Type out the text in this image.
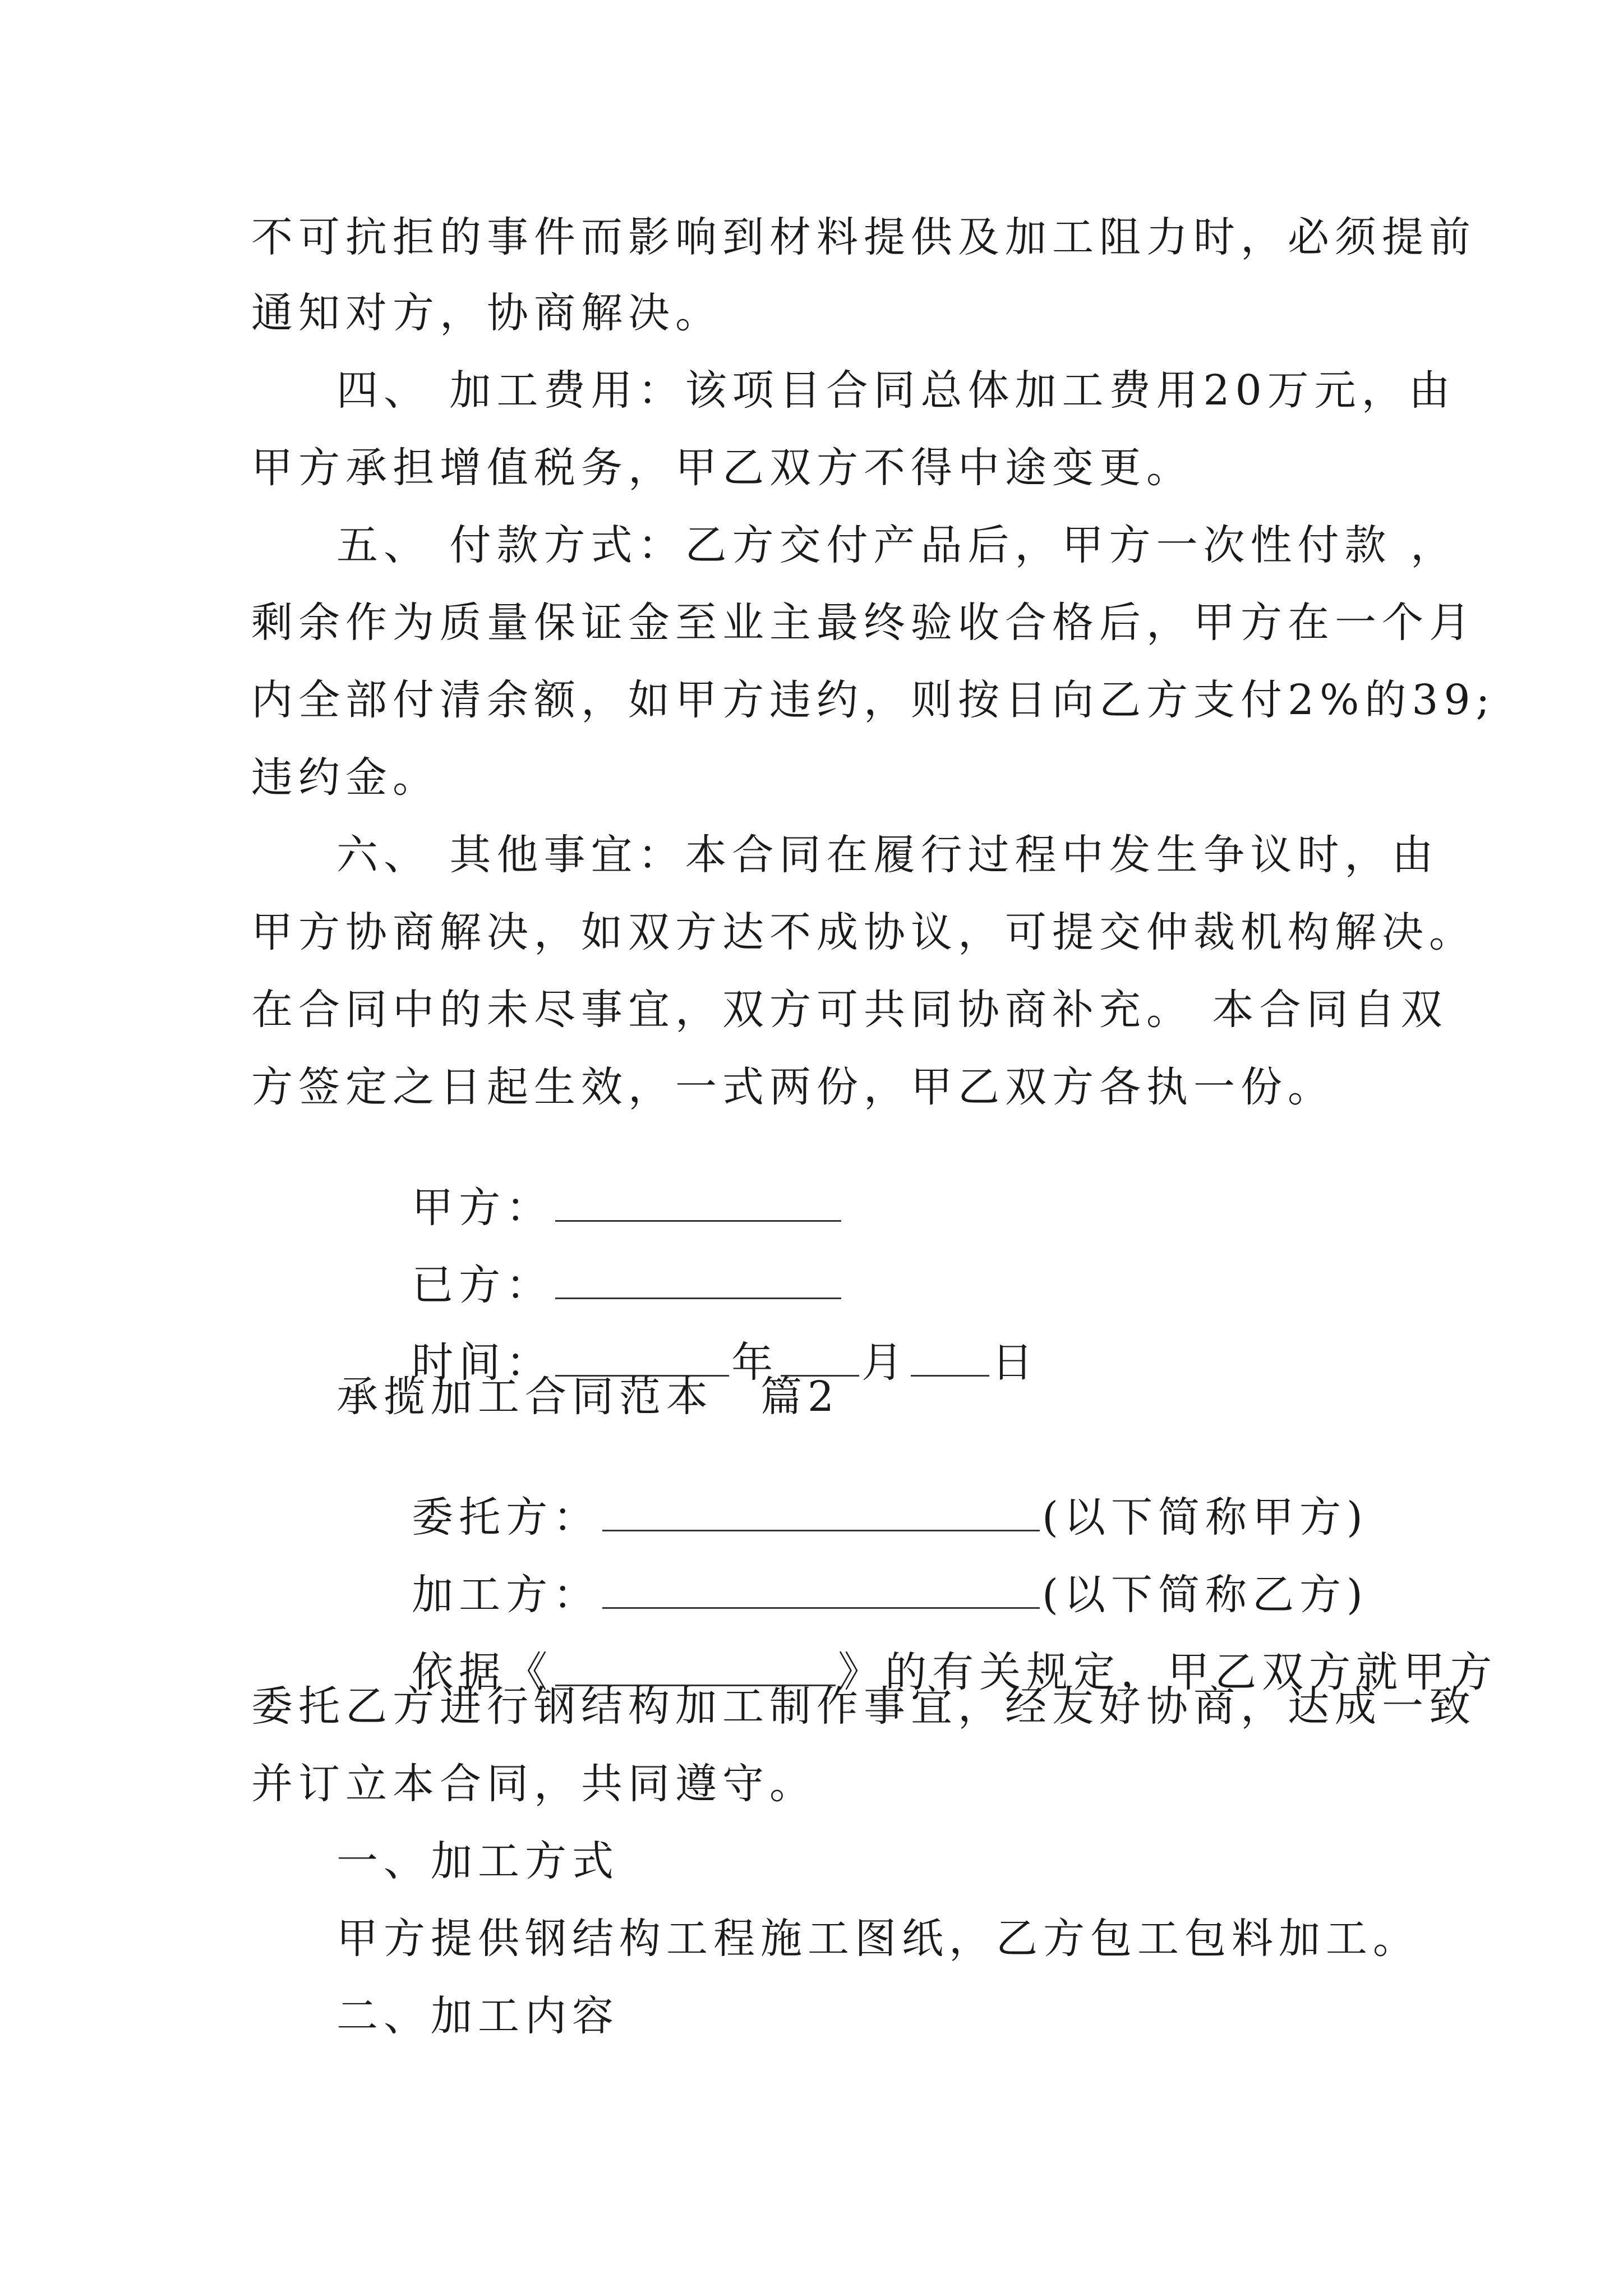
不可抗拒的事件而影响到材料提供及加工阻力时，必须提前
通知对方，协商解决。
四、 加工费用：该项目合同总体加工费用20万元，由
甲方承担增值税务，甲乙双方不得中途变更。
五、 付款方式：乙方交付产品后，甲方一次性付款 ，
剩余作为质量保证金至业主最终验收合格后，甲方在一个月
内全部付清余额，如甲方违约，则按日向乙方支付2%的39;
违约金。
六、 其他事宜：本合同在履行过程中发生争议时，由
甲方协商解决，如双方达不成协议，可提交仲裁机构解决。
在合同中的未尽事宜，双方可共同协商补充。 本合同自双
方签定之日起生效，一式两份，甲乙双方各执一份。

甲方：

已方：

时间：	年 月 日

承揽加工合同范本　篇2

委托方：	(以下简称甲方)

加工方：	(以下简称乙方)

依据《	》的有关规定，甲乙双方就甲方

委托乙方进行钢结构加工制作事宜，经友好协商，达成一致
并订立本合同，共同遵守。
一、加工方式
甲方提供钢结构工程施工图纸，乙方包工包料加工。
二、加工内容
